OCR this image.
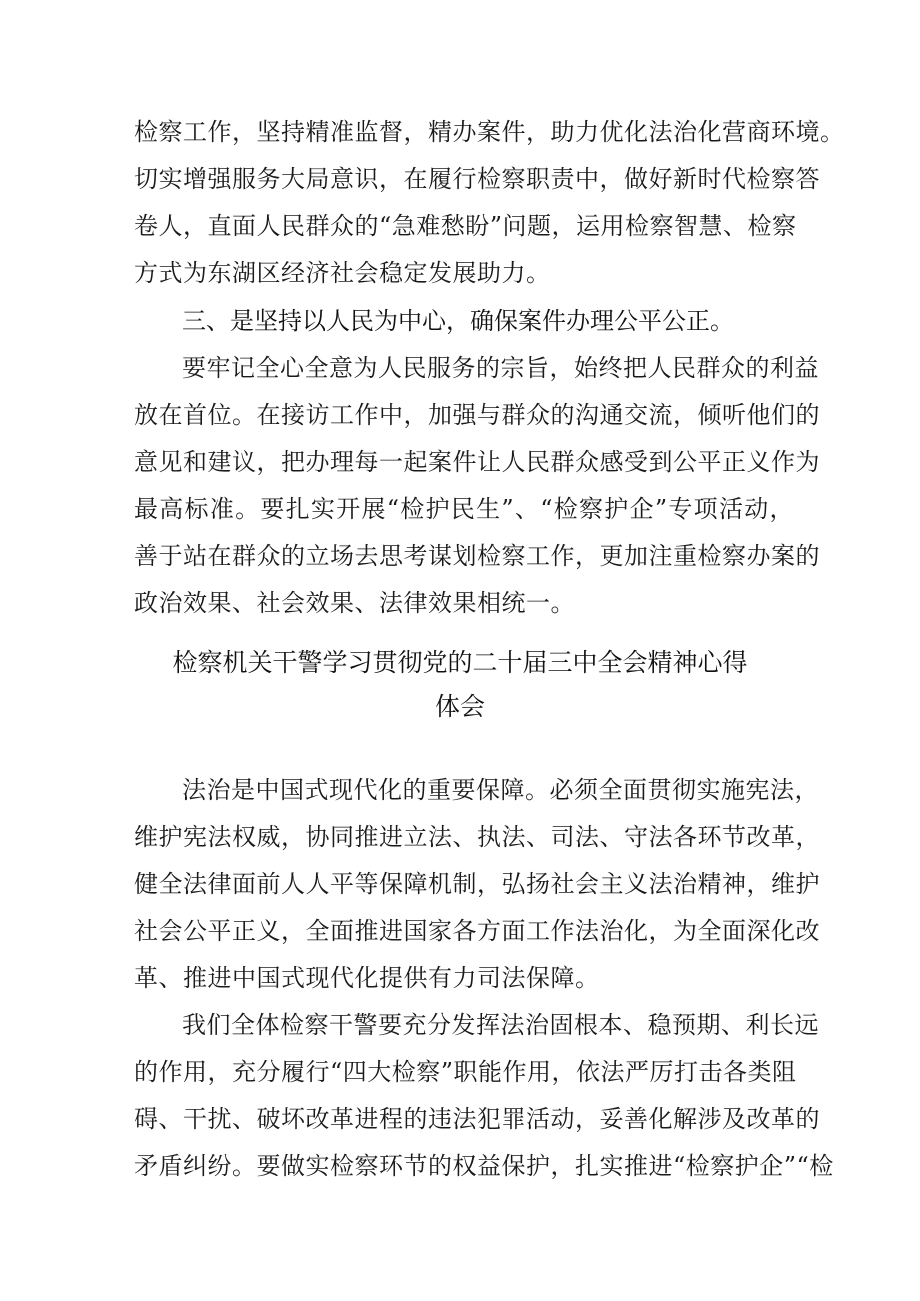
检察工作，坚持精准监督，精办案件，助力优化法治化营商环境。
切实增强服务大局意识，在履行检察职责中，做好新时代检察答
卷人，直面人民群众的“急难愁盼”问题，运用检察智慧、检察
方式为东湖区经济社会稳定发展助力。
三、是坚持以人民为中心，确保案件办理公平公正。
要牢记全心全意为人民服务的宗旨，始终把人民群众的利益
放在首位。在接访工作中，加强与群众的沟通交流，倾听他们的
意见和建议，把办理每一起案件让人民群众感受到公平正义作为
最高标准。要扎实开展“检护民生”、“检察护企”专项活动，
善于站在群众的立场去思考谋划检察工作，更加注重检察办案的
政治效果、社会效果、法律效果相统一。
检察机关干警学习贯彻党的二十届三中全会精神心得
体会
法治是中国式现代化的重要保障。必须全面贯彻实施宪法，
维护宪法权威，协同推进立法、执法、司法、守法各环节改革，
健全法律面前人人平等保障机制，弘扬社会主义法治精神，维护
社会公平正义，全面推进国家各方面工作法治化，为全面深化改
革、推进中国式现代化提供有力司法保障。
我们全体检察干警要充分发挥法治固根本、稳预期、利长远
的作用，充分履行“四大检察”职能作用，依法严厉打击各类阻
碍、干扰、破坏改革进程的违法犯罪活动，妥善化解涉及改革的
矛盾纠纷。要做实检察环节的权益保护，扎实推进“检察护企”“检
